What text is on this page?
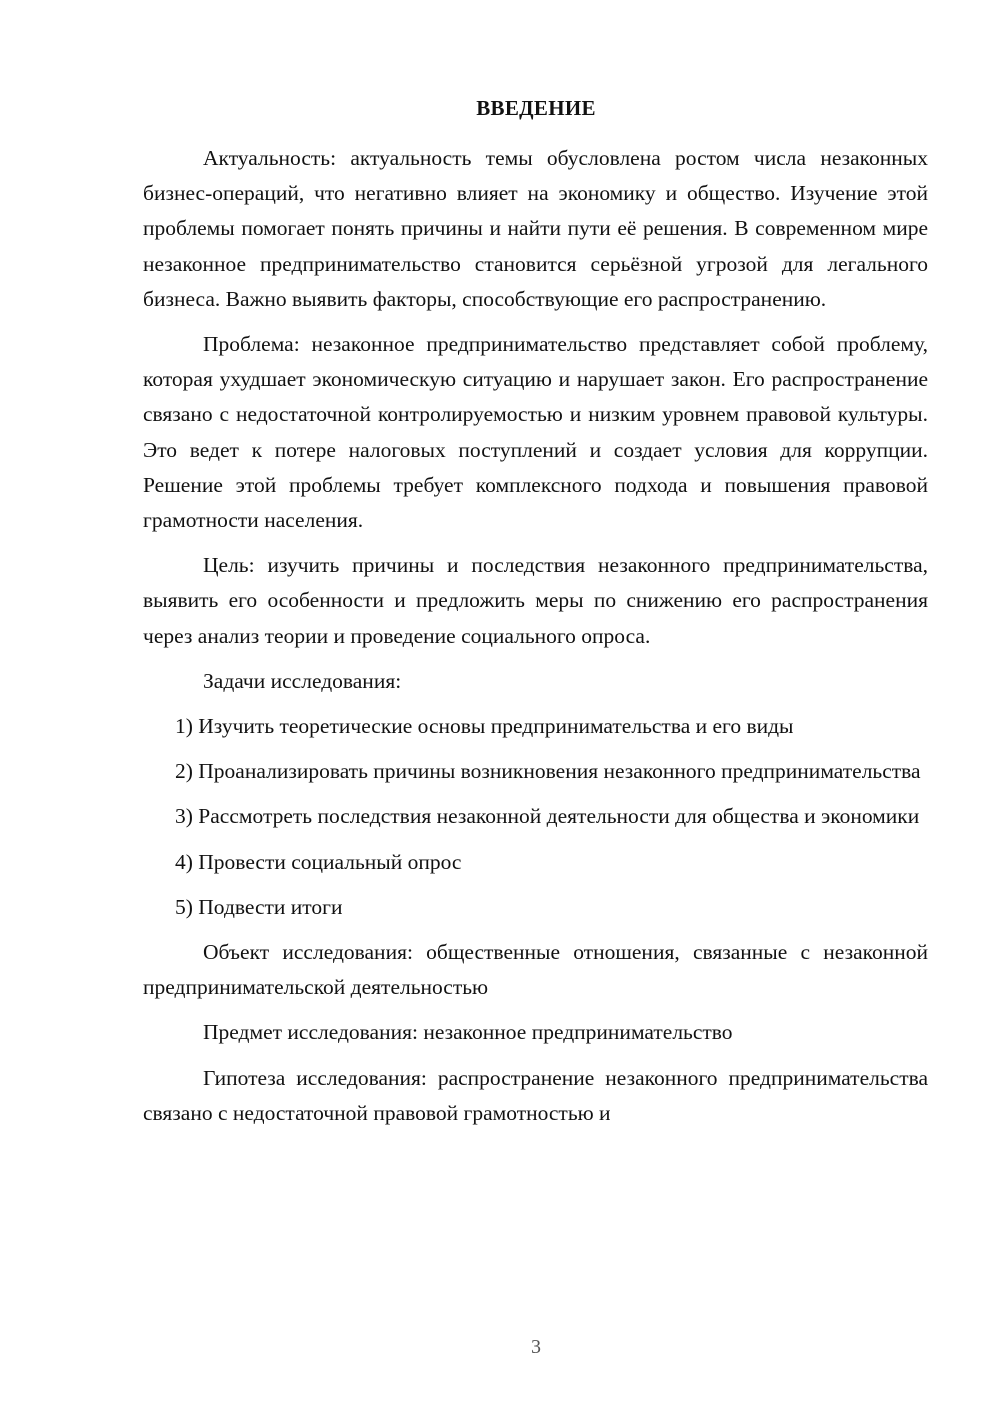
ВВЕДЕНИЕ

Актуальность: актуальность темы обусловлена ростом числа незаконных бизнес-операций, что негативно влияет на экономику и общество. Изучение этой проблемы помогает понять причины и найти пути её решения. В современном мире незаконное предпринимательство становится серьёзной угрозой для легального бизнеса. Важно выявить факторы, способствующие его распространению.

Проблема: незаконное предпринимательство представляет собой проблему, которая ухудшает экономическую ситуацию и нарушает закон. Его распространение связано с недостаточной контролируемостью и низким уровнем правовой культуры. Это ведет к потере налоговых поступлений и создает условия для коррупции. Решение этой проблемы требует комплексного подхода и повышения правовой грамотности населения.

Цель: изучить причины и последствия незаконного предпринимательства, выявить его особенности и предложить меры по снижению его распространения через анализ теории и проведение социального опроса.

Задачи исследования:

1) Изучить теоретические основы предпринимательства и его виды

2) Проанализировать причины возникновения незаконного предпринимательства

3) Рассмотреть последствия незаконной деятельности для общества и экономики

4) Провести социальный опрос

5) Подвести итоги

Объект исследования: общественные отношения, связанные с незаконной предпринимательской деятельностью

Предмет исследования: незаконное предпринимательство

Гипотеза исследования: распространение незаконного предпринимательства связано с недостаточной правовой грамотностью и

3
